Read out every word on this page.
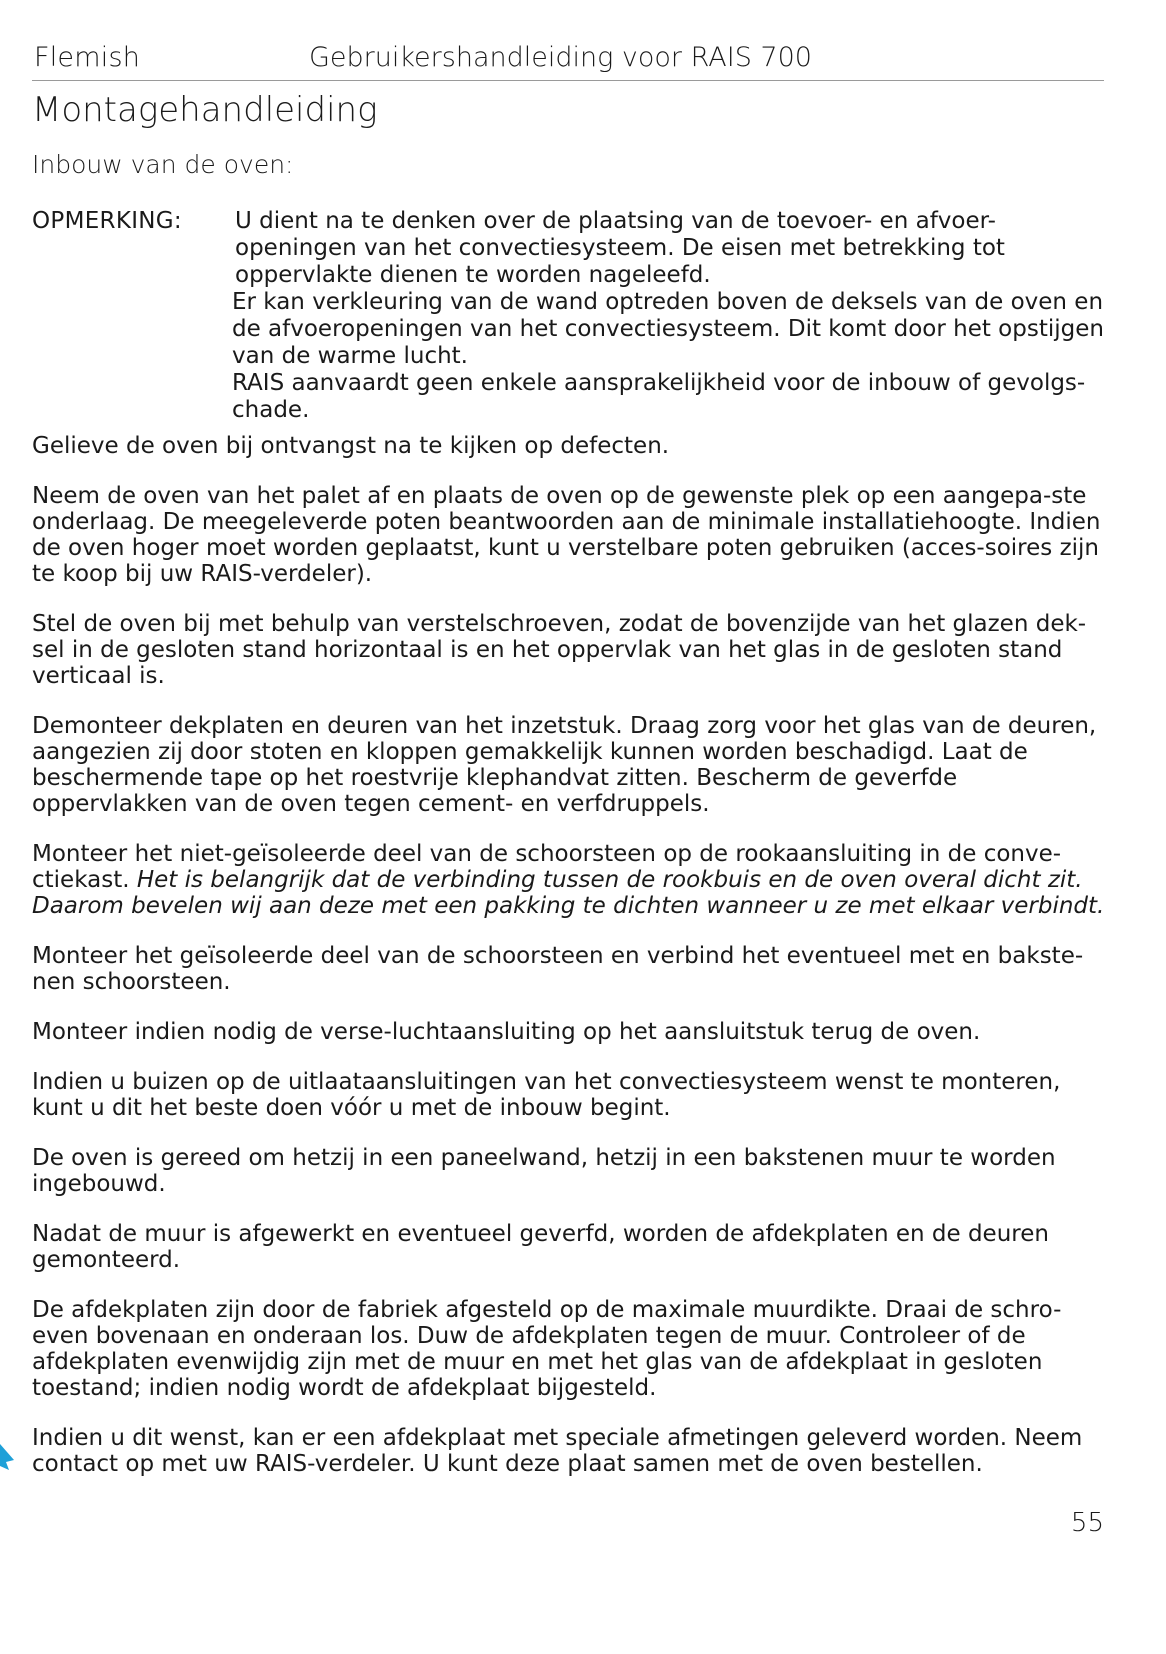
Flemish	Gebruikershandleiding voor RAIS 700
Montagehandleiding
Inbouw van de oven:
OPMERKING: U dient na te denken over de plaatsing van de toevoer- en afvoer-

openingen van het convectiesysteem. De eisen met betrekking tot

oppervlakte dienen te worden nageleefd.

Er kan verkleuring van de wand optreden boven de deksels van de oven en

de afvoeropeningen van het convectiesysteem. Dit komt door het opstijgen

van de warme lucht.

RAIS aanvaardt geen enkele aansprakelijkheid voor de inbouw of gevolgs-

chade.

Gelieve de oven bij ontvangst na te kijken op defecten.

Neem de oven van het palet af en plaats de oven op de gewenste plek op een aangepa-ste onderlaag. De meegeleverde poten beantwoorden aan de minimale installatiehoogte. Indien de oven hoger moet worden geplaatst, kunt u verstelbare poten gebruiken (acces-soires zijn te koop bij uw RAIS-verdeler).

Stel de oven bij met behulp van verstelschroeven, zodat de bovenzijde van het glazen dek-sel in de gesloten stand horizontaal is en het oppervlak van het glas in de gesloten stand verticaal is.

Demonteer dekplaten en deuren van het inzetstuk. Draag zorg voor het glas van de deuren, aangezien zij door stoten en kloppen gemakkelijk kunnen worden beschadigd. Laat de beschermende tape op het roestvrije klephandvat zitten. Bescherm de geverfde oppervlakken van de oven tegen cement- en verfdruppels.

Monteer het niet-geïsoleerde deel van de schoorsteen op de rookaansluiting in de conve-ctiekast. Het is belangrijk dat de verbinding tussen de rookbuis en de oven overal dicht zit. Daarom bevelen wij aan deze met een pakking te dichten wanneer u ze met elkaar verbindt.

Monteer het geïsoleerde deel van de schoorsteen en verbind het eventueel met en bakste-nen schoorsteen.

Monteer indien nodig de verse-luchtaansluiting op het aansluitstuk terug de oven.

Indien u buizen op de uitlaataansluitingen van het convectiesysteem wenst te monteren, kunt u dit het beste doen vóór u met de inbouw begint.

De oven is gereed om hetzij in een paneelwand, hetzij in een bakstenen muur te worden ingebouwd.

Nadat de muur is afgewerkt en eventueel geverfd, worden de afdekplaten en de deuren gemonteerd.

De afdekplaten zijn door de fabriek afgesteld op de maximale muurdikte. Draai de schro-even bovenaan en onderaan los. Duw de afdekplaten tegen de muur. Controleer of de afdekplaten evenwijdig zijn met de muur en met het glas van de afdekplaat in gesloten toestand; indien nodig wordt de afdekplaat bijgesteld.

Indien u dit wenst, kan er een afdekplaat met speciale afmetingen geleverd worden. Neem contact op met uw RAIS-verdeler. U kunt deze plaat samen met de oven bestellen.

55
